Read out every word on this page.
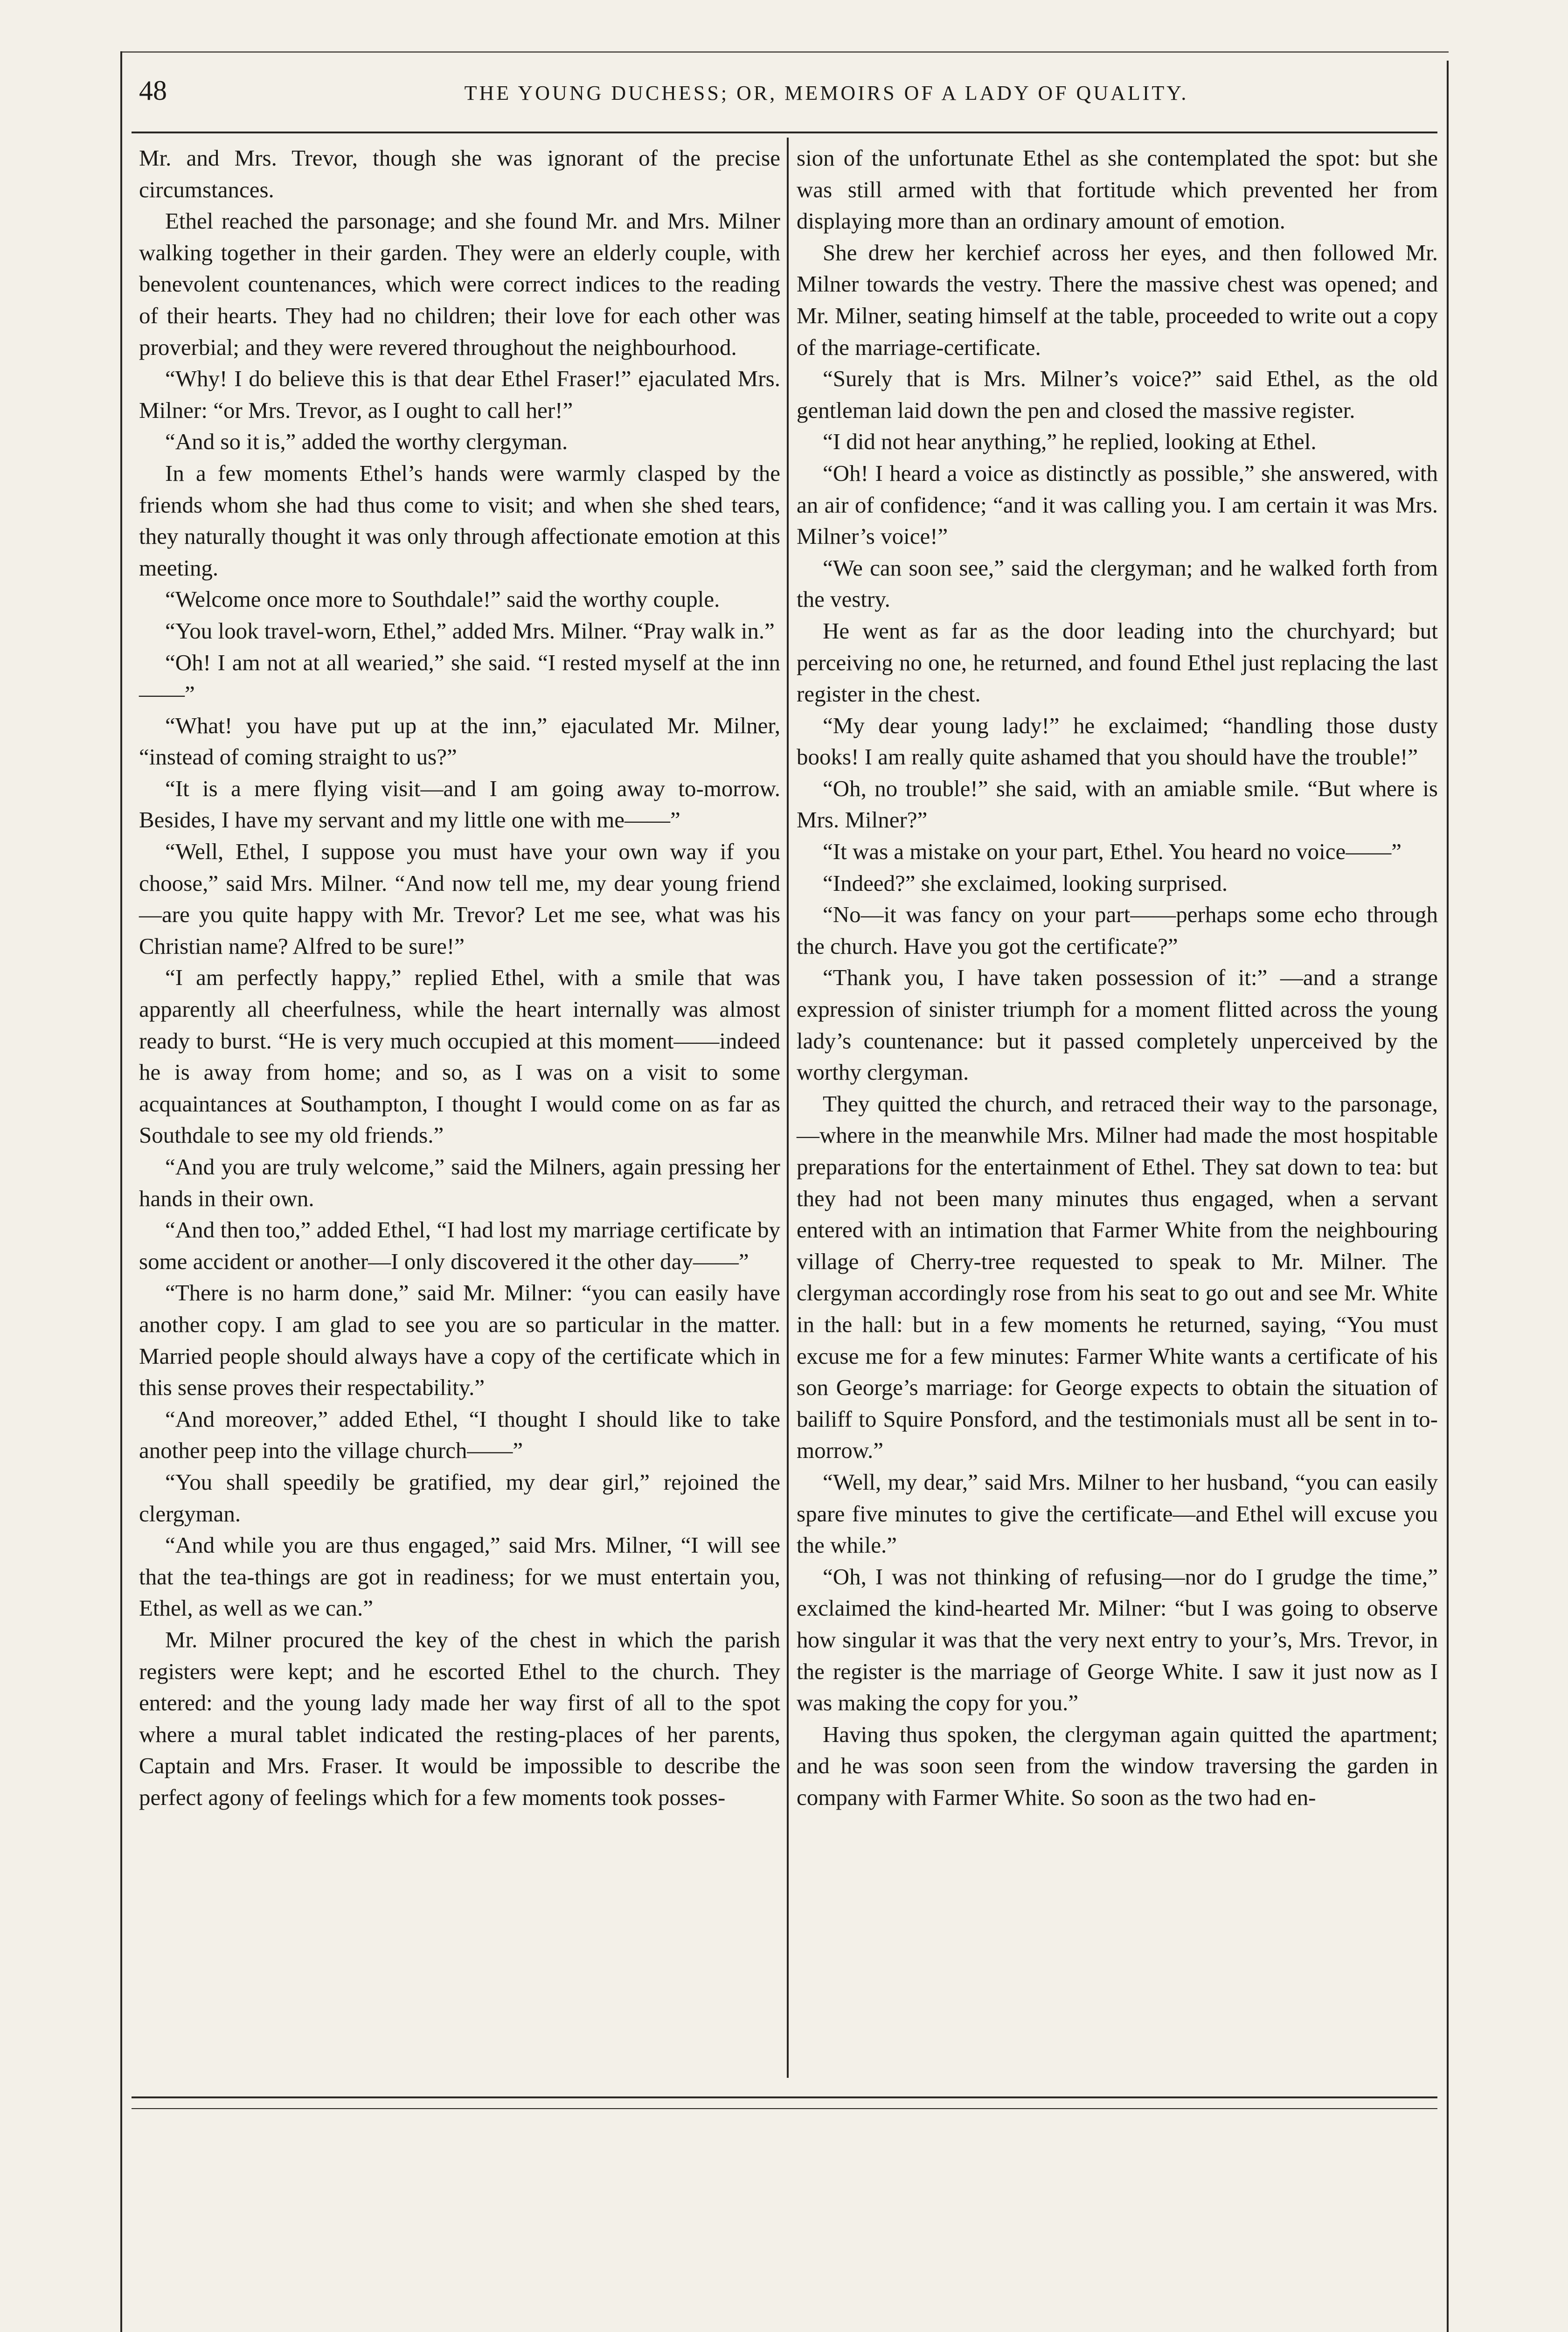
48	THE YOUNG DUCHESS; OR, MEMOIRS OF A LADY OF QUALITY.

Mr. and Mrs. Trevor, though she was ignorant of the precise circumstances.

Ethel reached the parsonage; and she found Mr. and Mrs. Milner walking together in their garden. They were an elderly couple, with benevolent countenances, which were correct indices to the reading of their hearts. They had no children; their love for each other was proverbial; and they were revered throughout the neighbourhood.

“Why! I do believe this is that dear Ethel Fraser!” ejaculated Mrs. Milner: “or Mrs. Trevor, as I ought to call her!”

“And so it is,” added the worthy clergyman.

In a few moments Ethel’s hands were warmly clasped by the friends whom she had thus come to visit; and when she shed tears, they naturally thought it was only through affectionate emotion at this meeting.

“Welcome once more to Southdale!” said the worthy couple.

“You look travel-worn, Ethel,” added Mrs. Milner. “Pray walk in.”

“Oh! I am not at all wearied,” she said. “I rested myself at the inn——”

“What! you have put up at the inn,” ejaculated Mr. Milner, “instead of coming straight to us?”

“It is a mere flying visit—and I am going away to-morrow. Besides, I have my servant and my little one with me——”

“Well, Ethel, I suppose you must have your own way if you choose,” said Mrs. Milner. “And now tell me, my dear young friend—are you quite happy with Mr. Trevor? Let me see, what was his Christian name? Alfred to be sure!”

“I am perfectly happy,” replied Ethel, with a smile that was apparently all cheerfulness, while the heart internally was almost ready to burst. “He is very much occupied at this moment——indeed he is away from home; and so, as I was on a visit to some acquaintances at Southampton, I thought I would come on as far as Southdale to see my old friends.”

“And you are truly welcome,” said the Milners, again pressing her hands in their own.

“And then too,” added Ethel, “I had lost my marriage certificate by some accident or another—I only discovered it the other day——”

“There is no harm done,” said Mr. Milner: “you can easily have another copy. I am glad to see you are so particular in the matter. Married people should always have a copy of the certificate which in this sense proves their respectability.”

“And moreover,” added Ethel, “I thought I should like to take another peep into the village church——”

“You shall speedily be gratified, my dear girl,” rejoined the clergyman.

“And while you are thus engaged,” said Mrs. Milner, “I will see that the tea-things are got in readiness; for we must entertain you, Ethel, as well as we can.”

Mr. Milner procured the key of the chest in which the parish registers were kept; and he escorted Ethel to the church. They entered: and the young lady made her way first of all to the spot where a mural tablet indicated the resting-places of her parents, Captain and Mrs. Fraser. It would be impossible to describe the perfect agony of feelings which for a few moments took posses-

sion of the unfortunate Ethel as she contemplated the spot: but she was still armed with that fortitude which prevented her from displaying more than an ordinary amount of emotion.

She drew her kerchief across her eyes, and then followed Mr. Milner towards the vestry. There the massive chest was opened; and Mr. Milner, seating himself at the table, proceeded to write out a copy of the marriage-certificate.

“Surely that is Mrs. Milner’s voice?” said Ethel, as the old gentleman laid down the pen and closed the massive register.

“I did not hear anything,” he replied, looking at Ethel.

“Oh! I heard a voice as distinctly as possible,” she answered, with an air of confidence; “and it was calling you. I am certain it was Mrs. Milner’s voice!”

“We can soon see,” said the clergyman; and he walked forth from the vestry.

He went as far as the door leading into the churchyard; but perceiving no one, he returned, and found Ethel just replacing the last register in the chest.

“My dear young lady!” he exclaimed; “handling those dusty books! I am really quite ashamed that you should have the trouble!”

“Oh, no trouble!” she said, with an amiable smile. “But where is Mrs. Milner?”

“It was a mistake on your part, Ethel. You heard no voice——”

“Indeed?” she exclaimed, looking surprised.

“No—it was fancy on your part——perhaps some echo through the church. Have you got the certificate?”

“Thank you, I have taken possession of it:” —and a strange expression of sinister triumph for a moment flitted across the young lady’s countenance: but it passed completely unperceived by the worthy clergyman.

They quitted the church, and retraced their way to the parsonage,—where in the meanwhile Mrs. Milner had made the most hospitable preparations for the entertainment of Ethel. They sat down to tea: but they had not been many minutes thus engaged, when a servant entered with an intimation that Farmer White from the neighbouring village of Cherry-tree requested to speak to Mr. Milner. The clergyman accordingly rose from his seat to go out and see Mr. White in the hall: but in a few moments he returned, saying, “You must excuse me for a few minutes: Farmer White wants a certificate of his son George’s marriage: for George expects to obtain the situation of bailiff to Squire Ponsford, and the testimonials must all be sent in to-morrow.”

“Well, my dear,” said Mrs. Milner to her husband, “you can easily spare five minutes to give the certificate—and Ethel will excuse you the while.”

“Oh, I was not thinking of refusing—nor do I grudge the time,” exclaimed the kind-hearted Mr. Milner: “but I was going to observe how singular it was that the very next entry to your’s, Mrs. Trevor, in the register is the marriage of George White. I saw it just now as I was making the copy for you.”

Having thus spoken, the clergyman again quitted the apartment; and he was soon seen from the window traversing the garden in company with Farmer White. So soon as the two had en-
